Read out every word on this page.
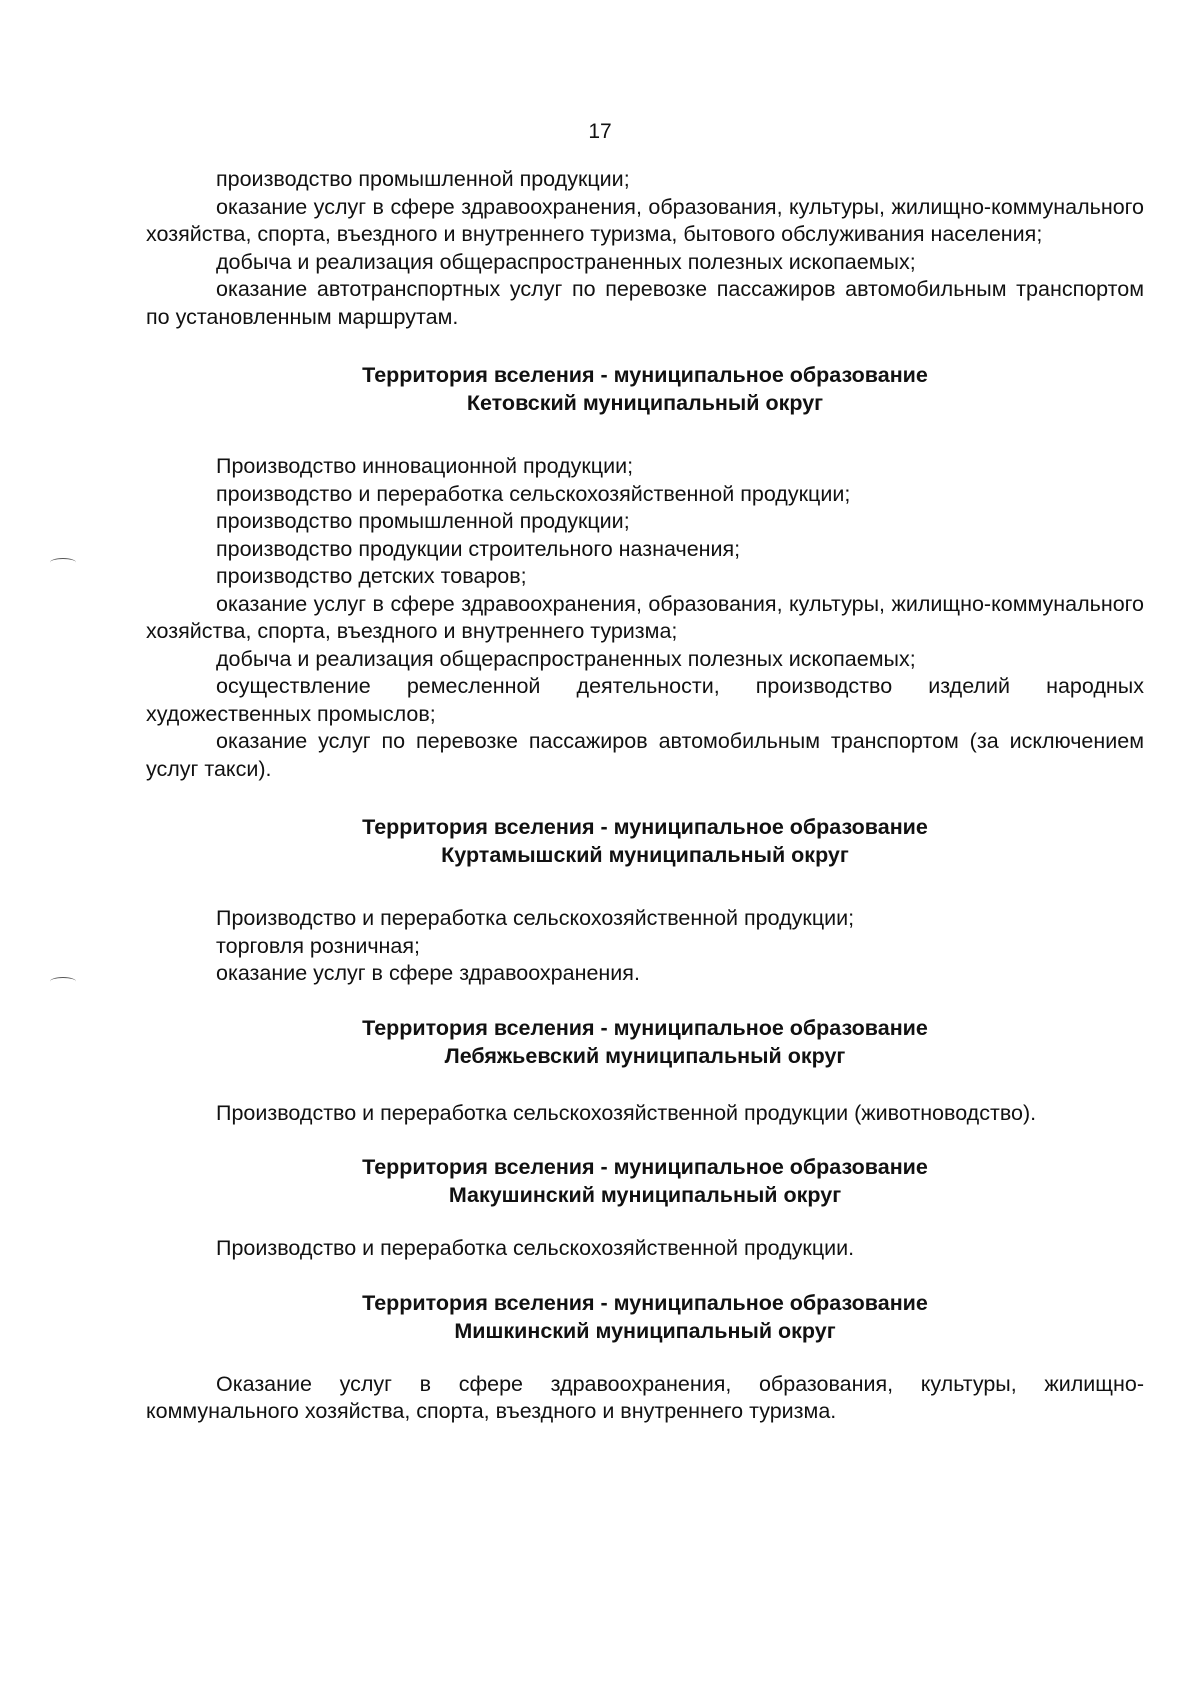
17

производство промышленной продукции;

оказание услуг в сфере здравоохранения, образования, культуры, жилищно-коммунального хозяйства, спорта, въездного и внутреннего туризма, бытового обслуживания населения;

добыча и реализация общераспространенных полезных ископаемых;

оказание автотранспортных услуг по перевозке пассажиров автомобильным транспортом по установленным маршрутам.

Территория вселения - муниципальное образование
Кетовский муниципальный округ

Производство инновационной продукции;

производство и переработка сельскохозяйственной продукции;

производство промышленной продукции;

производство продукции строительного назначения;

производство детских товаров;

оказание услуг в сфере здравоохранения, образования, культуры, жилищно-коммунального хозяйства, спорта, въездного и внутреннего туризма;

добыча и реализация общераспространенных полезных ископаемых;

осуществление ремесленной деятельности, производство изделий народных художественных промыслов;

оказание услуг по перевозке пассажиров автомобильным транспортом (за исключением услуг такси).

Территория вселения - муниципальное образование
Куртамышский муниципальный округ

Производство и переработка сельскохозяйственной продукции;

торговля розничная;

оказание услуг в сфере здравоохранения.

Территория вселения - муниципальное образование
Лебяжьевский муниципальный округ

Производство и переработка сельскохозяйственной продукции (животноводство).

Территория вселения - муниципальное образование
Макушинский муниципальный округ

Производство и переработка сельскохозяйственной продукции.

Территория вселения - муниципальное образование
Мишкинский муниципальный округ

Оказание услуг в сфере здравоохранения, образования, культуры, жилищно-коммунального хозяйства, спорта, въездного и внутреннего туризма.
